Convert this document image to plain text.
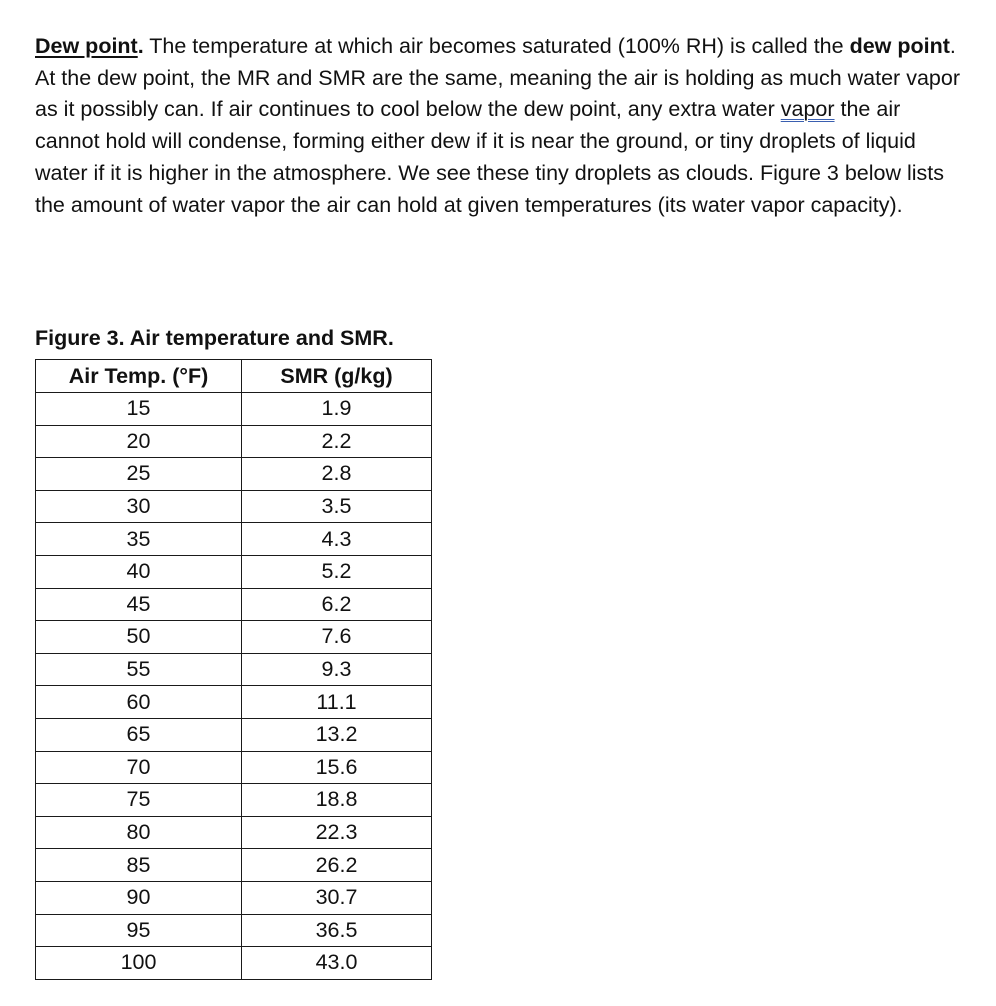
Dew point. The temperature at which air becomes saturated (100% RH) is called the dew point. At the dew point, the MR and SMR are the same, meaning the air is holding as much water vapor as it possibly can. If air continues to cool below the dew point, any extra water vapor the air cannot hold will condense, forming either dew if it is near the ground, or tiny droplets of liquid water if it is higher in the atmosphere. We see these tiny droplets as clouds. Figure 3 below lists the amount of water vapor the air can hold at given temperatures (its water vapor capacity).

Figure 3. Air temperature and SMR.

Air Temp. (°F)	SMR (g/kg)
15	1.9
20	2.2
25	2.8
30	3.5
35	4.3
40	5.2
45	6.2
50	7.6
55	9.3
60	11.1
65	13.2
70	15.6
75	18.8
80	22.3
85	26.2
90	30.7
95	36.5
100	43.0
